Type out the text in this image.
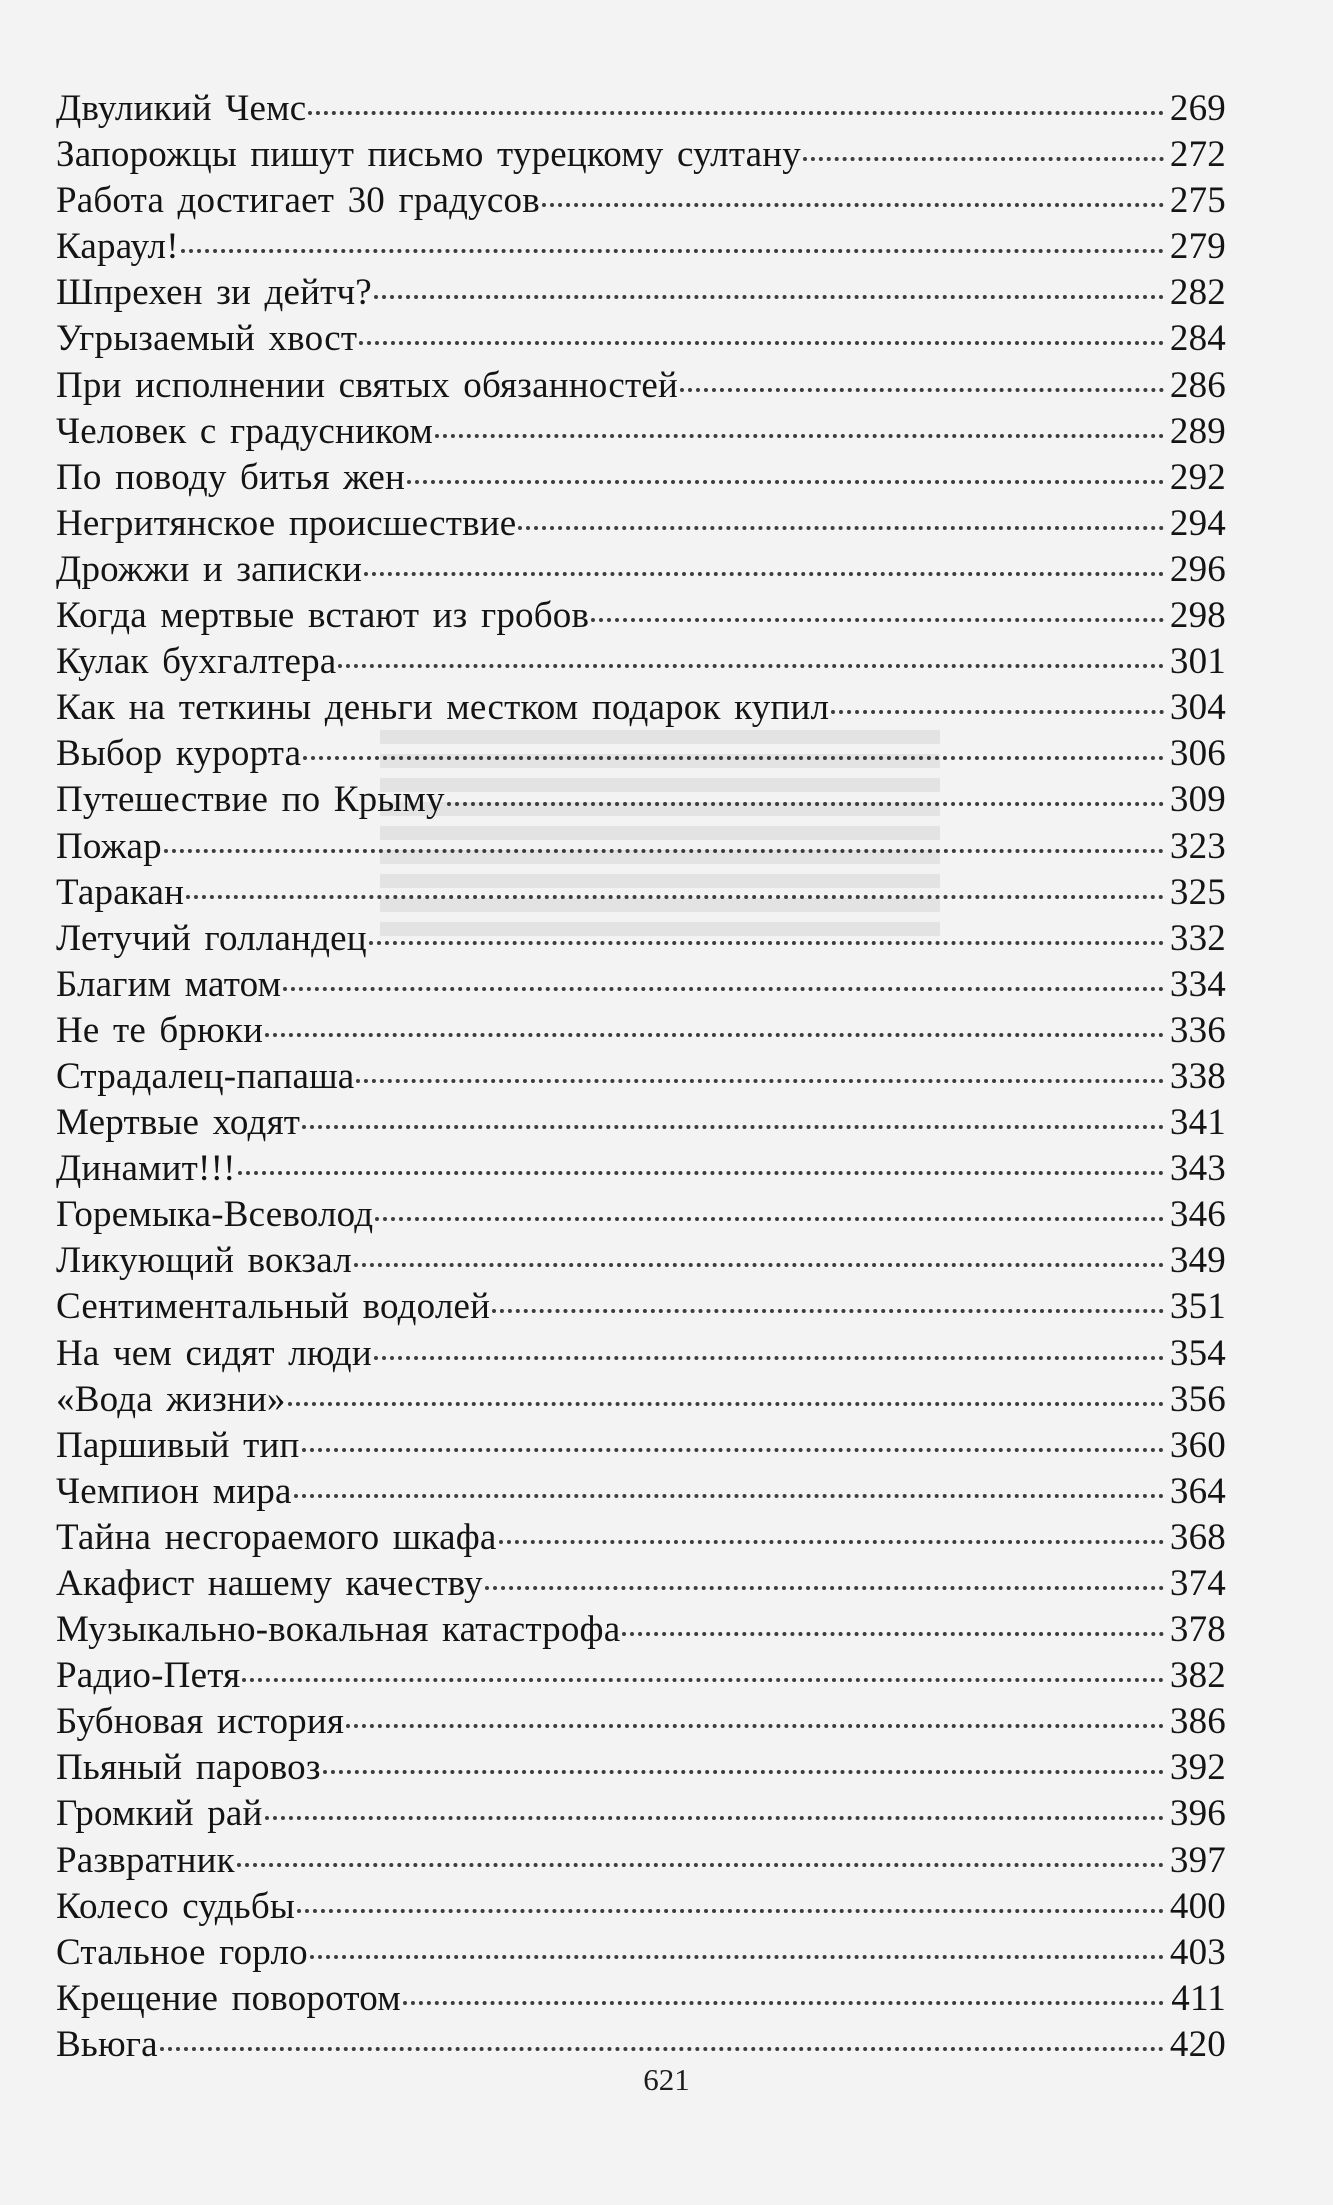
Двуликий Чемс	269
Запорожцы пишут письмо турецкому султану	272
Работа достигает 30 градусов	275
Караул!	279
Шпрехен зи дейтч?	282
Угрызаемый хвост	284
При исполнении святых обязанностей	286
Человек с градусником	289
По поводу битья жен	292
Негритянское происшествие	294
Дрожжи и записки	296
Когда мертвые встают из гробов	298
Кулак бухгалтера	301
Как на теткины деньги местком подарок купил	304
Выбор курорта	306
Путешествие по Крыму	309
Пожар	323
Таракан	325
Летучий голландец	332
Благим матом	334
Не те брюки	336
Страдалец-папаша	338
Мертвые ходят	341
Динамит!!!	343
Горемыка-Всеволод	346
Ликующий вокзал	349
Сентиментальный водолей	351
На чем сидят люди	354
«Вода жизни»	356
Паршивый тип	360
Чемпион мира	364
Тайна несгораемого шкафа	368
Акафист нашему качеству	374
Музыкально-вокальная катастрофа	378
Радио-Петя	382
Бубновая история	386
Пьяный паровоз	392
Громкий рай	396
Развратник	397
Колесо судьбы	400
Стальное горло	403
Крещение поворотом	411
Вьюга	420
621
